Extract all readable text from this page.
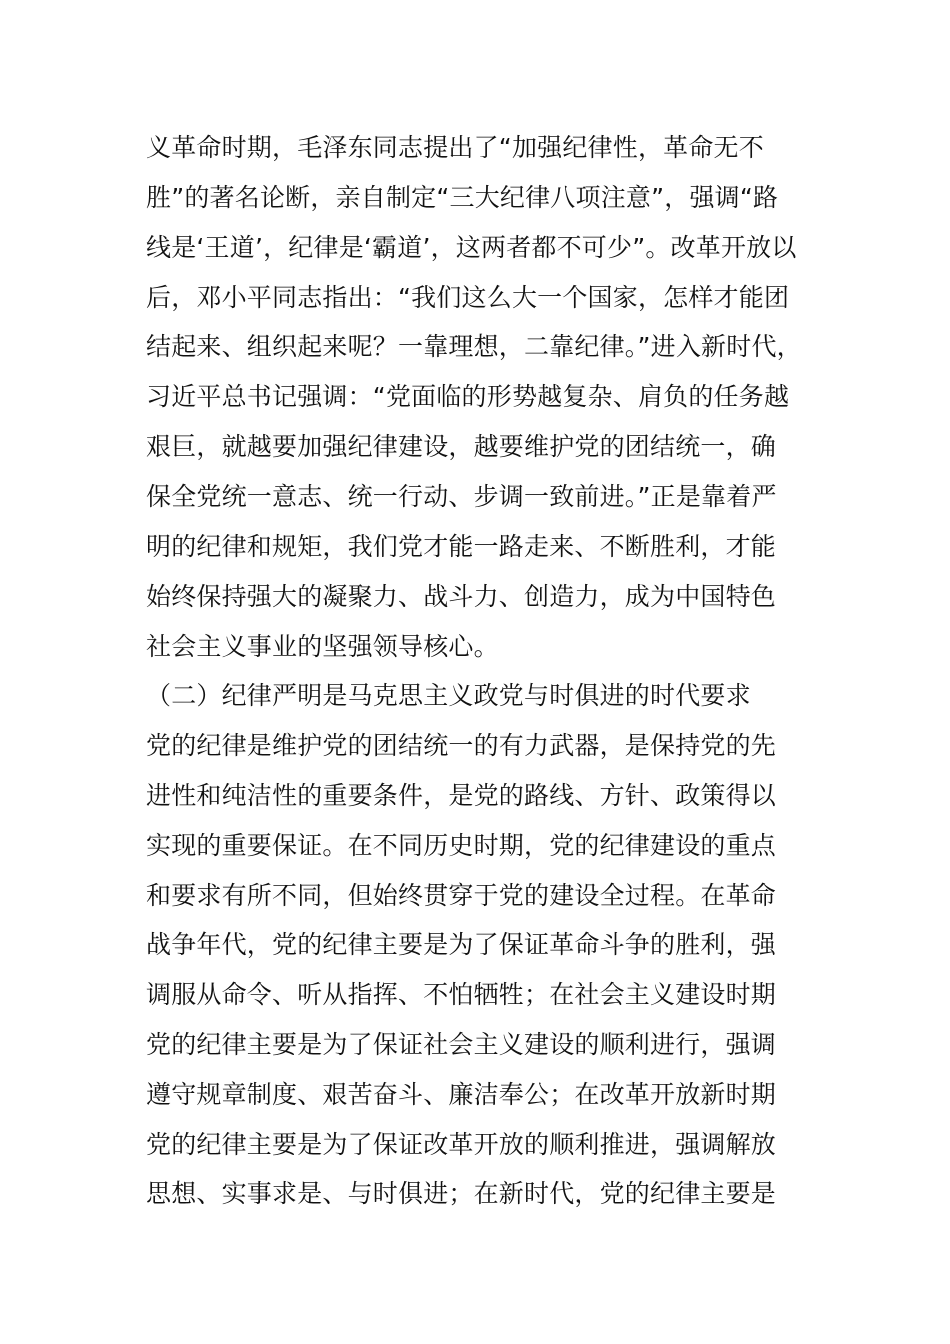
义革命时期，毛泽东同志提出了“加强纪律性，革命无不
胜”的著名论断，亲自制定“三大纪律八项注意”，强调“路
线是‘王道’，纪律是‘霸道’，这两者都不可少”。改革开放以
后，邓小平同志指出：“我们这么大一个国家，怎样才能团
结起来、组织起来呢？一靠理想，二靠纪律。”进入新时代，
习近平总书记强调：“党面临的形势越复杂、肩负的任务越
艰巨，就越要加强纪律建设，越要维护党的团结统一，确
保全党统一意志、统一行动、步调一致前进。”正是靠着严
明的纪律和规矩，我们党才能一路走来、不断胜利，才能
始终保持强大的凝聚力、战斗力、创造力，成为中国特色
社会主义事业的坚强领导核心。
（二）纪律严明是马克思主义政党与时俱进的时代要求
党的纪律是维护党的团结统一的有力武器，是保持党的先
进性和纯洁性的重要条件，是党的路线、方针、政策得以
实现的重要保证。在不同历史时期，党的纪律建设的重点
和要求有所不同，但始终贯穿于党的建设全过程。在革命
战争年代，党的纪律主要是为了保证革命斗争的胜利，强
调服从命令、听从指挥、不怕牺牲；在社会主义建设时期
党的纪律主要是为了保证社会主义建设的顺利进行，强调
遵守规章制度、艰苦奋斗、廉洁奉公；在改革开放新时期
党的纪律主要是为了保证改革开放的顺利推进，强调解放
思想、实事求是、与时俱进；在新时代，党的纪律主要是
